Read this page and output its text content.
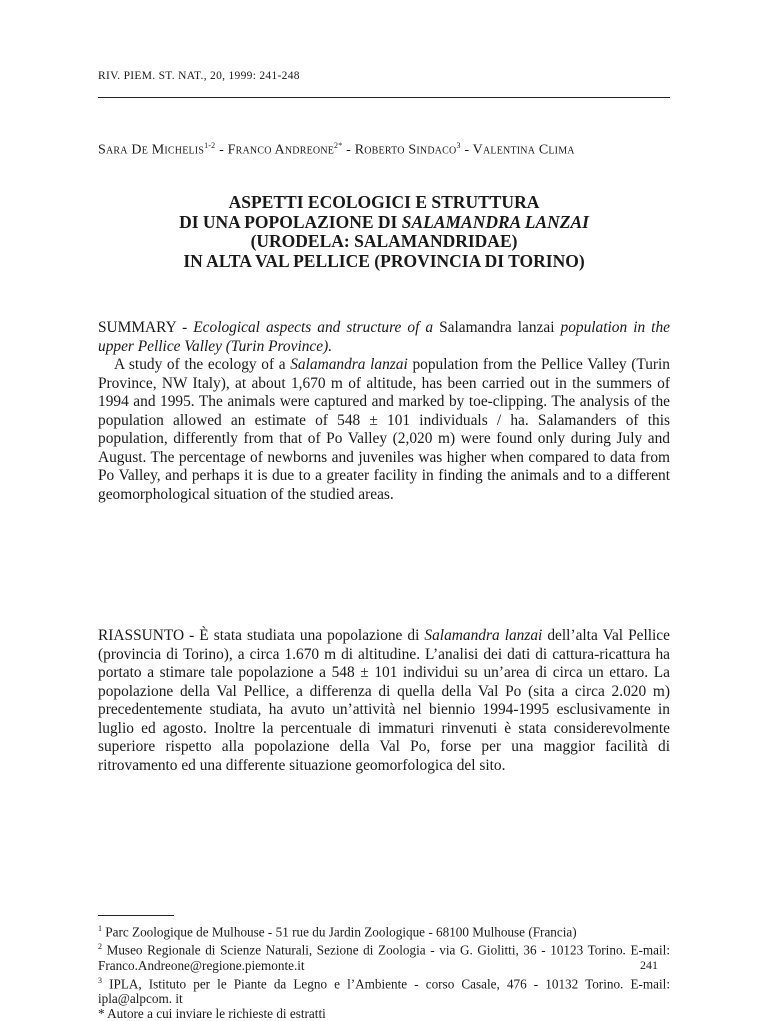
RIV. PIEM. ST. NAT., 20, 1999: 241-248
Sara De Michelis$^{1-2}$ - Franco Andreone$^{2*}$ - Roberto Sindaco$^3$ - Valentina Clima
ASPETTI ECOLOGICI E STRUTTURA
DI UNA POPOLAZIONE DI SALAMANDRA LANZAI
(URODELA: SALAMANDRIDAE)
IN ALTA VAL PELLICE (PROVINCIA DI TORINO)

SUMMARY - Ecological aspects and structure of a Salamandra lanzai population in the upper Pellice Valley (Turin Province).

A study of the ecology of a Salamandra lanzai population from the Pellice Valley (Turin Province, NW Italy), at about 1,670 m of altitude, has been carried out in the summers of 1994 and 1995. The animals were captured and marked by toe-clipping. The analysis of the population allowed an estimate of 548 ± 101 individuals / ha. Salamanders of this population, differently from that of Po Valley (2,020 m) were found only during July and August. The percentage of newborns and juveniles was higher when compared to data from Po Valley, and perhaps it is due to a greater facility in finding the animals and to a different geomorphological situation of the studied areas.

RIASSUNTO - È stata studiata una popolazione di Salamandra lanzai dell’alta Val Pellice (provincia di Torino), a circa 1.670 m di altitudine. L’analisi dei dati di cattura-ricattura ha portato a stimare tale popolazione a 548 ± 101 individui su un’area di circa un ettaro. La popolazione della Val Pellice, a differenza di quella della Val Po (sita a circa 2.020 m) precedentemente studiata, ha avuto un’attività nel biennio 1994-1995 esclusivamente in luglio ed agosto. Inoltre la percentuale di immaturi rinvenuti è stata considerevolmente superiore rispetto alla popolazione della Val Po, forse per una maggior facilità di ritrovamento ed una differente situazione geomorfologica del sito.

$^1$ Parc Zoologique de Mulhouse - 51 rue du Jardin Zoologique - 68100 Mulhouse (Francia)

$^2$ Museo Regionale di Scienze Naturali, Sezione di Zoologia - via G. Giolitti, 36 - 10123 Torino. E-mail: Franco.Andreone@regione.piemonte.it

$^3$ IPLA, Istituto per le Piante da Legno e l’Ambiente - corso Casale, 476 - 10132 Torino. E-mail: ipla@alpcom. it

* Autore a cui inviare le richieste di estratti

241
